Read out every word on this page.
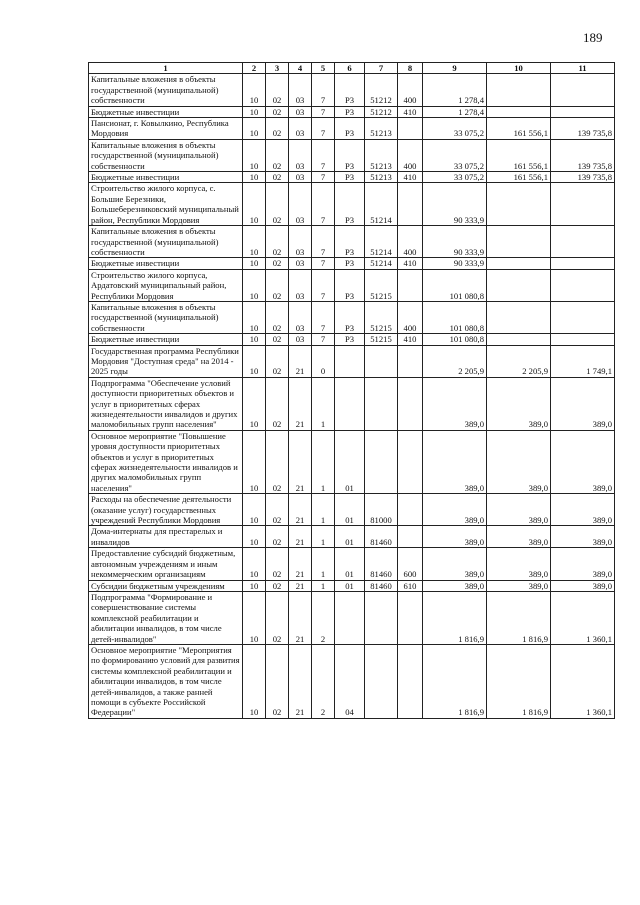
189
1	2	3	4	5	6	7	8	9	10	11
Капитальные вложения в объекты государственной (муниципальной) собственности	10	02	03	7	Р3	51212	400	1 278,4		
Бюджетные инвестиции	10	02	03	7	Р3	51212	410	1 278,4		
Пансионат, г. Ковылкино, Республика Мордовия	10	02	03	7	Р3	51213		33 075,2	161 556,1	139 735,8
Капитальные вложения в объекты государственной (муниципальной) собственности	10	02	03	7	Р3	51213	400	33 075,2	161 556,1	139 735,8
Бюджетные инвестиции	10	02	03	7	Р3	51213	410	33 075,2	161 556,1	139 735,8
Строительство жилого корпуса, с. Большие Березники, Большеберезниковский муниципальный район, Республики Мордовия	10	02	03	7	Р3	51214		90 333,9		
Капитальные вложения в объекты государственной (муниципальной) собственности	10	02	03	7	Р3	51214	400	90 333,9		
Бюджетные инвестиции	10	02	03	7	Р3	51214	410	90 333,9		
Строительство жилого корпуса, Ардатовский муниципальный район, Республики Мордовия	10	02	03	7	Р3	51215		101 080,8		
Капитальные вложения в объекты государственной (муниципальной) собственности	10	02	03	7	Р3	51215	400	101 080,8		
Бюджетные инвестиции	10	02	03	7	Р3	51215	410	101 080,8		
Государственная программа Республики Мордовия "Доступная среда" на 2014 - 2025 годы	10	02	21	0				2 205,9	2 205,9	1 749,1
Подпрограмма "Обеспечение условий доступности приоритетных объектов и услуг в приоритетных сферах жизнедеятельности инвалидов и других маломобильных групп населения"	10	02	21	1				389,0	389,0	389,0
Основное мероприятие "Повышение уровня доступности приоритетных объектов и услуг в приоритетных сферах жизнедеятельности инвалидов и других маломобильных групп населения"	10	02	21	1	01			389,0	389,0	389,0
Расходы на обеспечение деятельности (оказание услуг) государственных учреждений Республики Мордовия	10	02	21	1	01	81000		389,0	389,0	389,0
Дома-интернаты для престарелых и инвалидов	10	02	21	1	01	81460		389,0	389,0	389,0
Предоставление субсидий бюджетным, автономным учреждениям и иным некоммерческим организациям	10	02	21	1	01	81460	600	389,0	389,0	389,0
Субсидии бюджетным учреждениям	10	02	21	1	01	81460	610	389,0	389,0	389,0
Подпрограмма "Формирование и совершенствование системы комплексной реабилитации и абилитации инвалидов, в том числе детей-инвалидов"	10	02	21	2				1 816,9	1 816,9	1 360,1
Основное мероприятие "Мероприятия по формированию условий для развития системы комплексной реабилитации и абилитации инвалидов, в том числе детей-инвалидов, а также ранней помощи в субъекте Российской Федерации"	10	02	21	2	04			1 816,9	1 816,9	1 360,1
